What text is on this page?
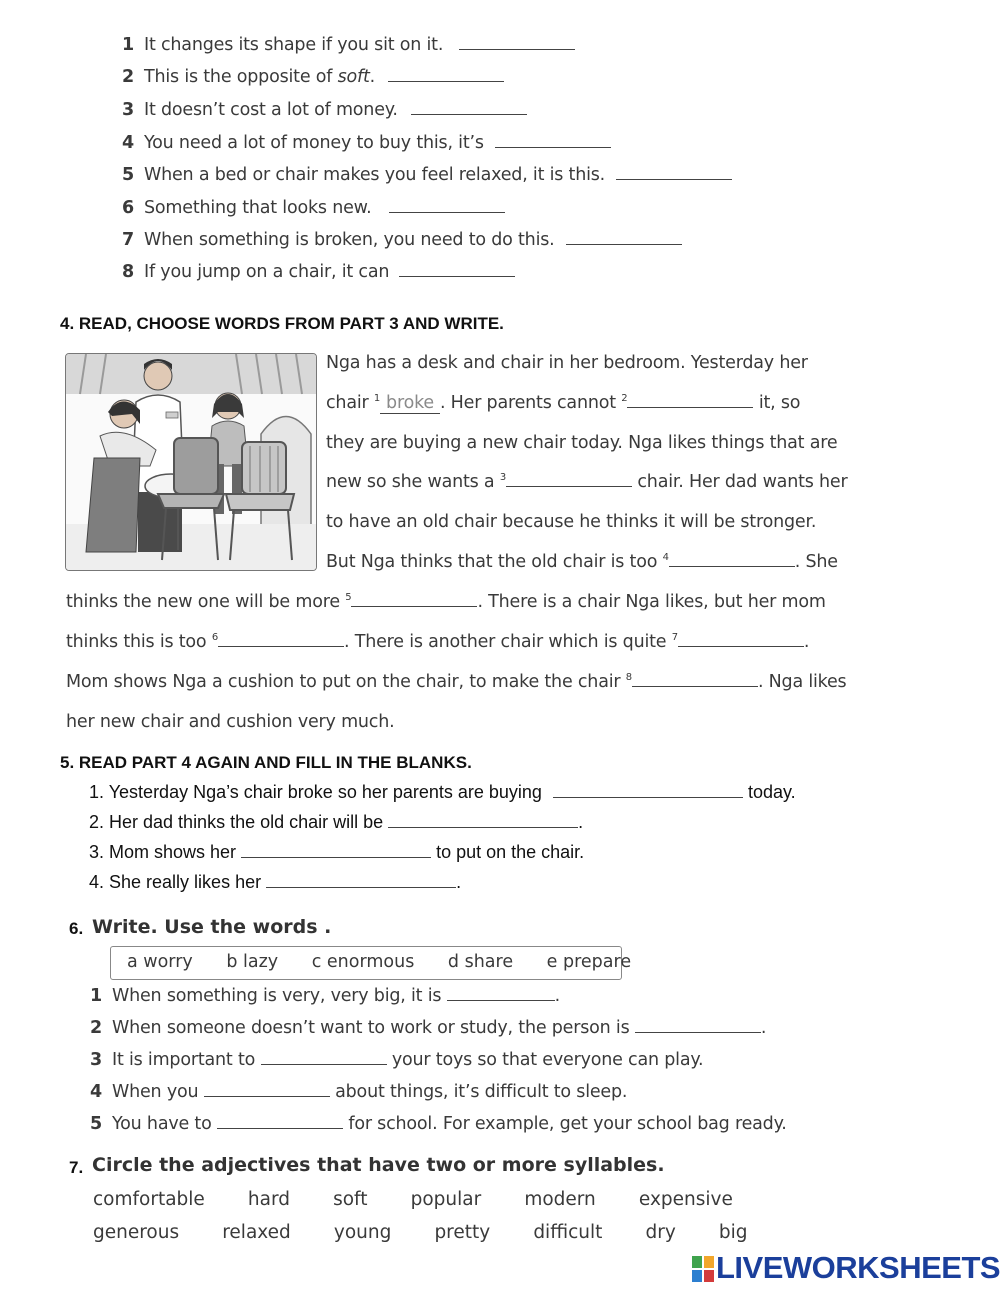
1 It changes its shape if you sit on it.
2 This is the opposite of soft.
3 It doesn’t cost a lot of money.
4 You need a lot of money to buy this, it’s
5 When a bed or chair makes you feel relaxed, it is this.
6 Something that looks new.
7 When something is broken, you need to do this.
8 If you jump on a chair, it can
4. READ, CHOOSE WORDS FROM PART 3 AND WRITE.
Nga has a desk and chair in her bedroom. Yesterday her
chair $^1$ broke . Her parents cannot $^2$	it, so
they are buying a new chair today. Nga likes things that are
new so she wants a $^3$	chair. Her dad wants her
to have an old chair because he thinks it will be stronger.
But Nga thinks that the old chair is too $^4$	. She
thinks the new one will be more $^5$	. There is a chair Nga likes, but her mom
thinks this is too $^6$	. There is another chair which is quite $^7$	.
Mom shows Nga a cushion to put on the chair, to make the chair $^8$	. Nga likes
her new chair and cushion very much.
5. READ PART 4 AGAIN AND FILL IN THE BLANKS.
1. Yesterday Nga’s chair broke so her parents are buying	today.
2. Her dad thinks the old chair will be	.
3. Mom shows her	to put on the chair.
4. She really likes her	.
6. Write. Use the words .
a worry b lazy c enormous d share e prepare
1 When something is very, very big, it is	.
2 When someone doesn’t want to work or study, the person is	.
3 It is important to	your toys so that everyone can play.
4 When you	about things, it’s difficult to sleep.
5 You have to	for school. For example, get your school bag ready.
7. Circle the adjectives that have two or more syllables.
comfortable hard soft popular modern expensive
generous relaxed young pretty difficult dry big
LIVEWORKSHEETS
